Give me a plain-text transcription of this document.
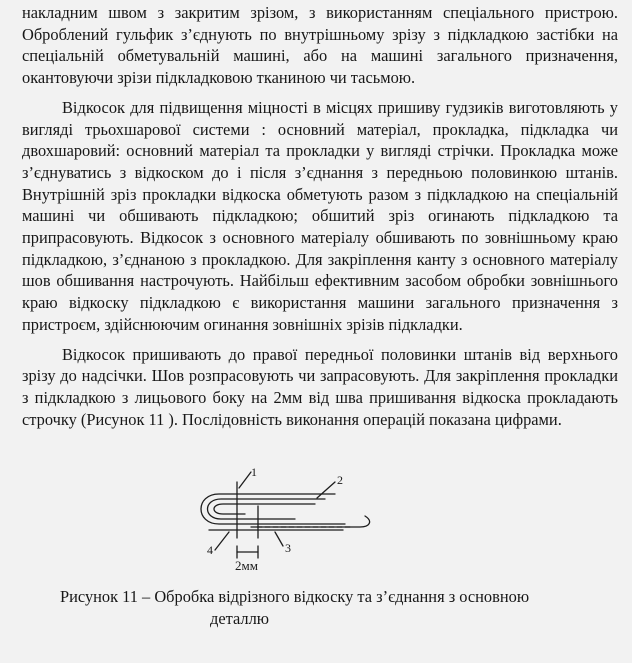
накладним швом з закритим зрізом, з використанням спеціального пристрою. Оброблений гульфик з’єднують по внутрішньому зрізу з підкладкою застібки на спеціальній обметувальній машині, або на машині загального призначення, окантовуючи зрізи підкладковою тканиною чи тасьмою.

Відкосок для підвищення міцності в місцях пришиву гудзиків виготовляють у вигляді трьохшарової системи : основний матеріал, прокладка, підкладка чи двохшаровий: основний матеріал та прокладки у вигляді стрічки. Прокладка може з’єднуватись з відкоском до і після з’єднання з передньою половинкою штанів. Внутрішній зріз прокладки відкоска обметують разом з підкладкою на спеціальній машині чи обшивають підкладкою; обшитий зріз огинають підкладкою та припрасовують. Відкосок з основного матеріалу обшивають по зовнішньому краю підкладкою, з’єднаною з прокладкою. Для закріплення канту з основного матеріалу шов обшивання настрочують. Найбільш ефективним засобом обробки зовнішнього краю відкоску підкладкою є використання машини загального призначення з пристроєм, здійснюючим огинання зовнішніх зрізів підкладки.

Відкосок пришивають до правої передньої половинки штанів від верхнього зрізу до надсічки. Шов розпрасовують чи запрасовують. Для закріплення прокладки з підкладкою з лицьового боку на 2мм від шва пришивання відкоска прокладають строчку (Рисунок 11 ). Послідовність виконання операцій показана цифрами.

1
2
3
4
2мм
Рисунок 11 – Обробка відрізного відкоску та з’єднання з основною
деталлю
